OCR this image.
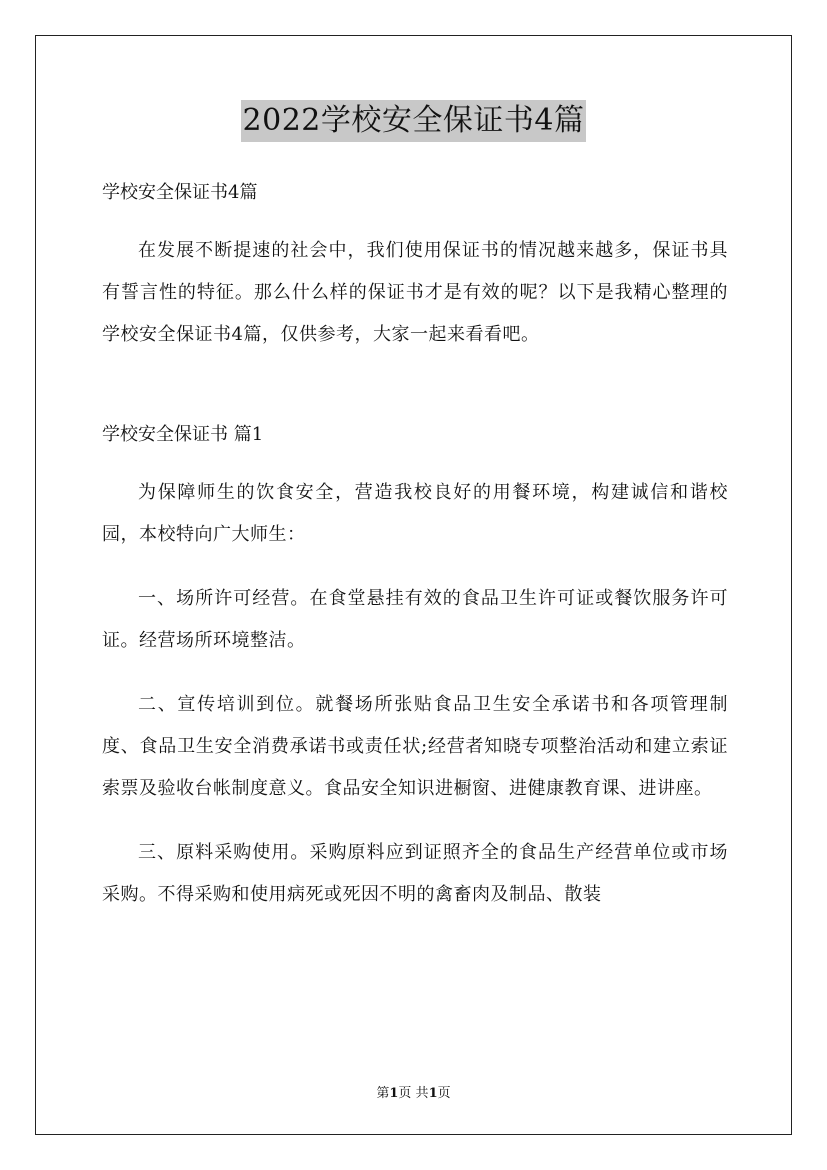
2022学校安全保证书4篇

学校安全保证书4篇

在发展不断提速的社会中，我们使用保证书的情况越来越多，保证书具有誓言性的特征。那么什么样的保证书才是有效的呢？以下是我精心整理的学校安全保证书4篇，仅供参考，大家一起来看看吧。

学校安全保证书 篇1

为保障师生的饮食安全，营造我校良好的用餐环境，构建诚信和谐校园，本校特向广大师生：

一、场所许可经营。在食堂悬挂有效的食品卫生许可证或餐饮服务许可证。经营场所环境整洁。

二、宣传培训到位。就餐场所张贴食品卫生安全承诺书和各项管理制度、食品卫生安全消费承诺书或责任状;经营者知晓专项整治活动和建立索证索票及验收台帐制度意义。食品安全知识进橱窗、进健康教育课、进讲座。

三、原料采购使用。采购原料应到证照齐全的食品生产经营单位或市场采购。不得采购和使用病死或死因不明的禽畜肉及制品、散装

第1页 共1页
